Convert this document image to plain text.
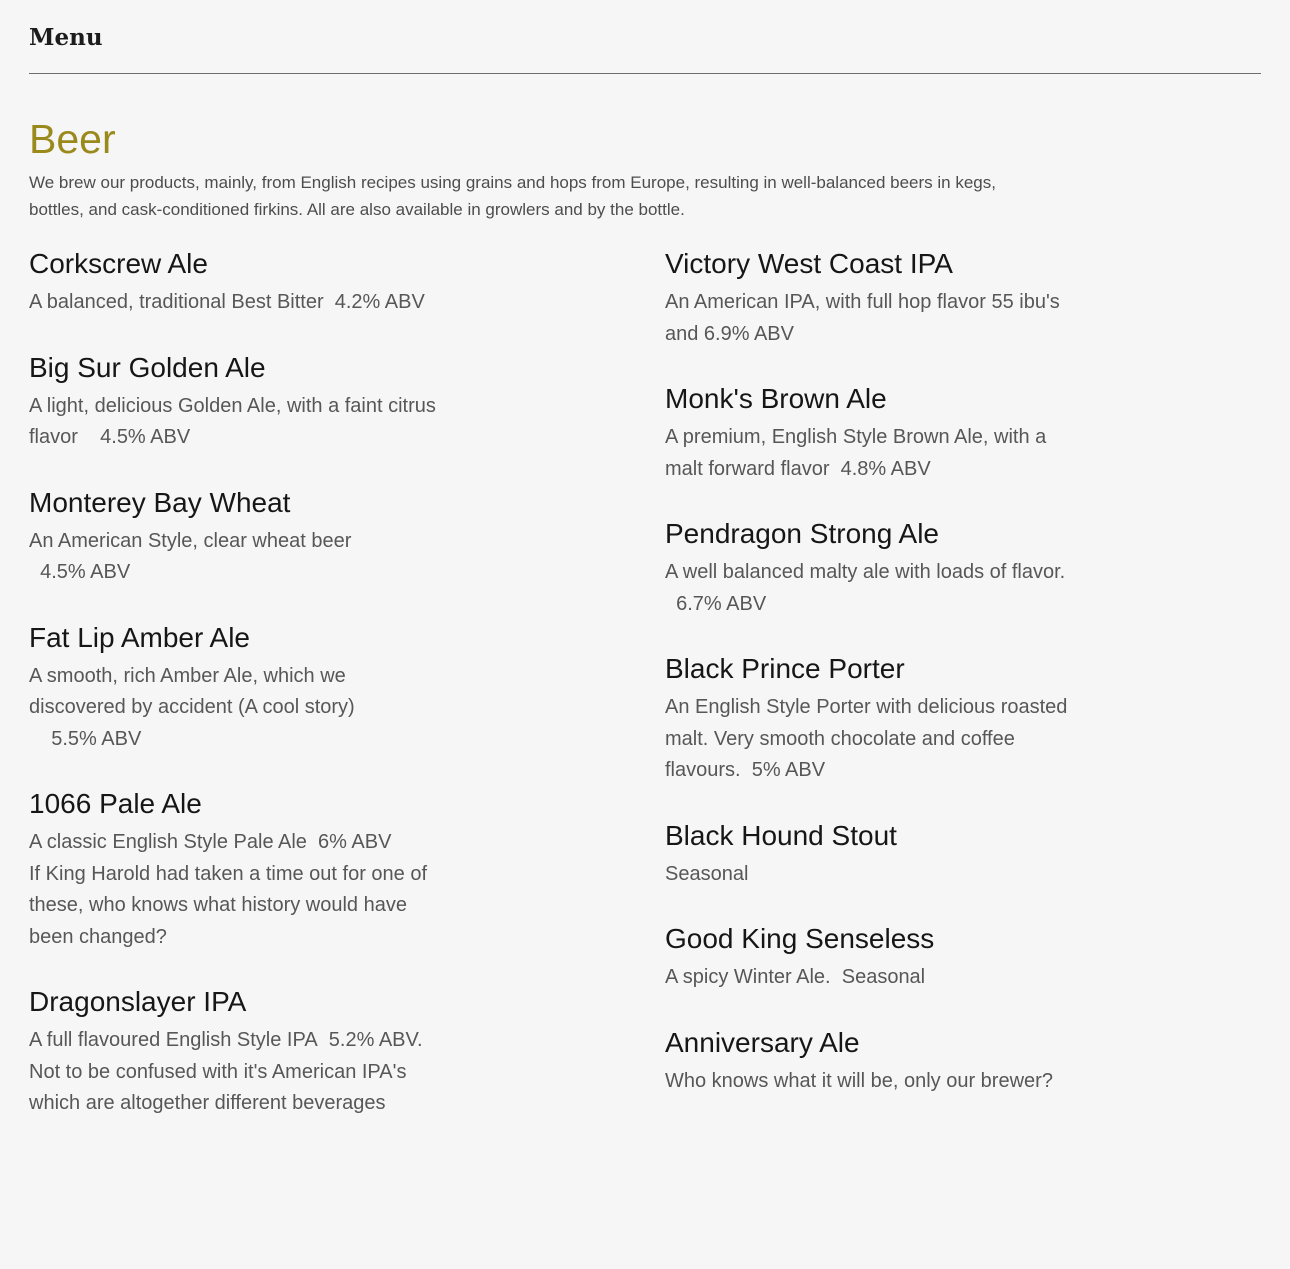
Menu
Beer

We brew our products, mainly, from English recipes using grains and hops from Europe, resulting in well-balanced beers in kegs, bottles, and cask-conditioned firkins. All are also available in growlers and by the bottle.

Corkscrew Ale

A balanced, traditional Best Bitter  4.2% ABV

Big Sur Golden Ale

A light, delicious Golden Ale, with a faint citrus
flavor    4.5% ABV

Monterey Bay Wheat

An American Style, clear wheat beer
4.5% ABV

Fat Lip Amber Ale

A smooth, rich Amber Ale, which we
discovered by accident (A cool story)
5.5% ABV

1066 Pale Ale

A classic English Style Pale Ale  6% ABV
If King Harold had taken a time out for one of
these, who knows what history would have
been changed?

Dragonslayer IPA

A full flavoured English Style IPA  5.2% ABV.
Not to be confused with it's American IPA's
which are altogether different beverages

Victory West Coast IPA

An American IPA, with full hop flavor 55 ibu's
and 6.9% ABV

Monk's Brown Ale

A premium, English Style Brown Ale, with a
malt forward flavor  4.8% ABV

Pendragon Strong Ale

A well balanced malty ale with loads of flavor.
6.7% ABV

Black Prince Porter

An English Style Porter with delicious roasted
malt. Very smooth chocolate and coffee
flavours.  5% ABV

Black Hound Stout

Seasonal

Good King Senseless

A spicy Winter Ale.  Seasonal

Anniversary Ale

Who knows what it will be, only our brewer?
